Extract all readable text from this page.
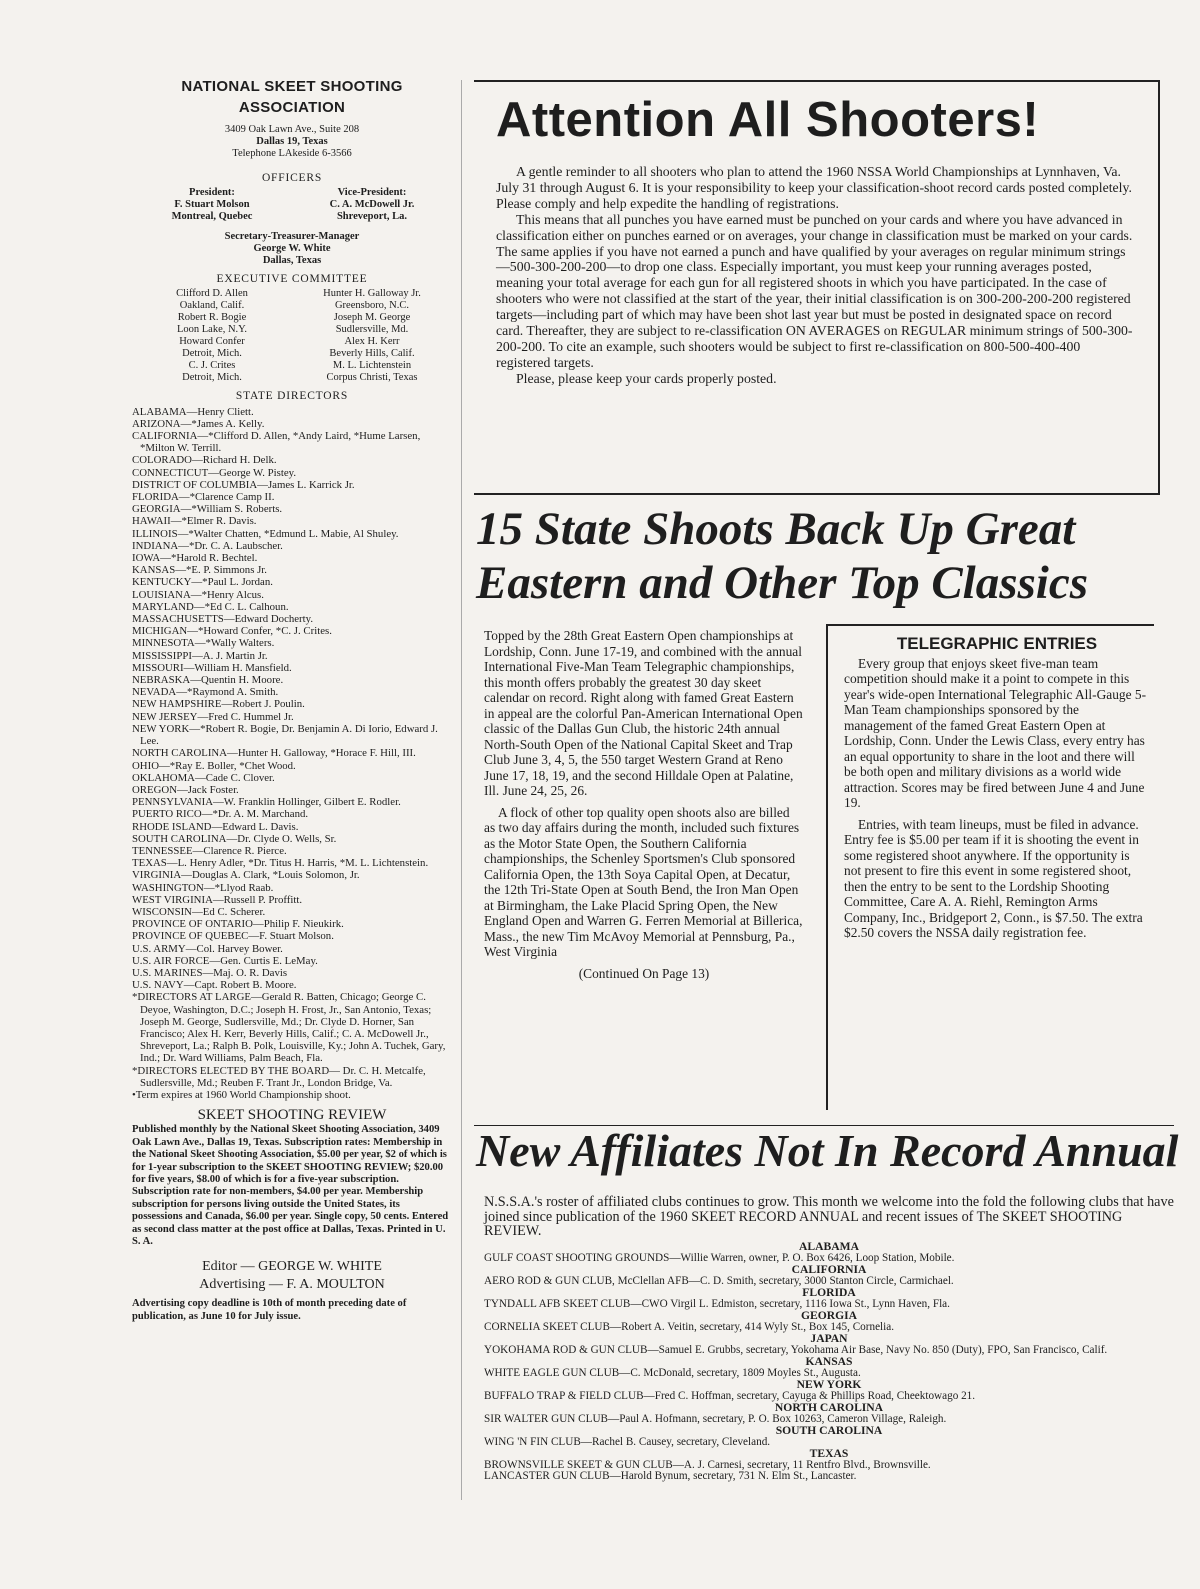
NATIONAL SKEET SHOOTING
ASSOCIATION
3409 Oak Lawn Ave., Suite 208
Dallas 19, Texas
Telephone LAkeside 6-3566
OFFICERS
President:
F. Stuart Molson
Montreal, Quebec
Vice-President:
C. A. McDowell Jr.
Shreveport, La.
Secretary-Treasurer-Manager
George W. White
Dallas, Texas
EXECUTIVE COMMITTEE
Clifford D. Allen
Oakland, Calif.
Robert R. Bogie
Loon Lake, N.Y.
Howard Confer
Detroit, Mich.
C. J. Crites
Detroit, Mich.
Hunter H. Galloway Jr.
Greensboro, N.C.
Joseph M. George
Sudlersville, Md.
Alex H. Kerr
Beverly Hills, Calif.
M. L. Lichtenstein
Corpus Christi, Texas
STATE DIRECTORS
ALABAMA—Henry Cliett.
ARIZONA—*James A. Kelly.
CALIFORNIA—*Clifford D. Allen, *Andy Laird, *Hume Larsen, *Milton W. Terrill.
COLORADO—Richard H. Delk.
CONNECTICUT—George W. Pistey.
DISTRICT OF COLUMBIA—James L. Karrick Jr.
FLORIDA—*Clarence Camp II.
GEORGIA—*William S. Roberts.
HAWAII—*Elmer R. Davis.
ILLINOIS—*Walter Chatten, *Edmund L. Mabie, Al Shuley.
INDIANA—*Dr. C. A. Laubscher.
IOWA—*Harold R. Bechtel.
KANSAS—*E. P. Simmons Jr.
KENTUCKY—*Paul L. Jordan.
LOUISIANA—*Henry Alcus.
MARYLAND—*Ed C. L. Calhoun.
MASSACHUSETTS—Edward Docherty.
MICHIGAN—*Howard Confer, *C. J. Crites.
MINNESOTA—*Wally Walters.
MISSISSIPPI—A. J. Martin Jr.
MISSOURI—William H. Mansfield.
NEBRASKA—Quentin H. Moore.
NEVADA—*Raymond A. Smith.
NEW HAMPSHIRE—Robert J. Poulin.
NEW JERSEY—Fred C. Hummel Jr.
NEW YORK—*Robert R. Bogie, Dr. Benjamin A. Di Iorio, Edward J. Lee.
NORTH CAROLINA—Hunter H. Galloway, *Horace F. Hill, III.
OHIO—*Ray E. Boller, *Chet Wood.
OKLAHOMA—Cade C. Clover.
OREGON—Jack Foster.
PENNSYLVANIA—W. Franklin Hollinger, Gilbert E. Rodler.
PUERTO RICO—*Dr. A. M. Marchand.
RHODE ISLAND—Edward L. Davis.
SOUTH CAROLINA—Dr. Clyde O. Wells, Sr.
TENNESSEE—Clarence R. Pierce.
TEXAS—L. Henry Adler, *Dr. Titus H. Harris, *M. L. Lichtenstein.
VIRGINIA—Douglas A. Clark, *Louis Solomon, Jr.
WASHINGTON—*Llyod Raab.
WEST VIRGINIA—Russell P. Proffitt.
WISCONSIN—Ed C. Scherer.
PROVINCE OF ONTARIO—Philip F. Nieukirk.
PROVINCE OF QUEBEC—F. Stuart Molson.
U.S. ARMY—Col. Harvey Bower.
U.S. AIR FORCE—Gen. Curtis E. LeMay.
U.S. MARINES—Maj. O. R. Davis
U.S. NAVY—Capt. Robert B. Moore.
*DIRECTORS AT LARGE—Gerald R. Batten, Chicago; George C. Deyoe, Washington, D.C.; Joseph H. Frost, Jr., San Antonio, Texas; Joseph M. George, Sudlersville, Md.; Dr. Clyde D. Horner, San Francisco; Alex H. Kerr, Beverly Hills, Calif.; C. A. McDowell Jr., Shreveport, La.; Ralph B. Polk, Louisville, Ky.; John A. Tuchek, Gary, Ind.; Dr. Ward Williams, Palm Beach, Fla.
*DIRECTORS ELECTED BY THE BOARD— Dr. C. H. Metcalfe, Sudlersville, Md.; Reuben F. Trant Jr., London Bridge, Va.
•Term expires at 1960 World Championship shoot.
SKEET SHOOTING REVIEW
Published monthly by the National Skeet Shooting Association, 3409 Oak Lawn Ave., Dallas 19, Texas. Subscription rates: Membership in the National Skeet Shooting Association, $5.00 per year, $2 of which is for 1-year subscription to the SKEET SHOOTING REVIEW; $20.00 for five years, $8.00 of which is for a five-year subscription. Subscription rate for non-members, $4.00 per year. Membership subscription for persons living outside the United States, its possessions and Canada, $6.00 per year. Single copy, 50 cents. Entered as second class matter at the post office at Dallas, Texas. Printed in U. S. A.
Editor — GEORGE W. WHITE
Advertising — F. A. MOULTON
Advertising copy deadline is 10th of month preceding date of publication, as June 10 for July issue.
Attention All Shooters!

A gentle reminder to all shooters who plan to attend the 1960 NSSA World Championships at Lynnhaven, Va. July 31 through August 6. It is your responsibility to keep your classification-shoot record cards posted completely. Please comply and help expedite the handling of registrations.

This means that all punches you have earned must be punched on your cards and where you have advanced in classification either on punches earned or on averages, your change in classification must be marked on your cards. The same applies if you have not earned a punch and have qualified by your averages on regular minimum strings—500-300-200-200—to drop one class. Especially important, you must keep your running averages posted, meaning your total average for each gun for all registered shoots in which you have participated. In the case of shooters who were not classified at the start of the year, their initial classification is on 300-200-200-200 registered targets—including part of which may have been shot last year but must be posted in designated space on record card. Thereafter, they are subject to re-classification ON AVERAGES on REGULAR minimum strings of 500-300-200-200. To cite an example, such shooters would be subject to first re-classification on 800-500-400-400 registered targets.

Please, please keep your cards properly posted.

15 State Shoots Back Up Great
Eastern and Other Top Classics

Topped by the 28th Great Eastern Open championships at Lordship, Conn. June 17-19, and combined with the annual International Five-Man Team Telegraphic championships, this month offers probably the greatest 30 day skeet calendar on record. Right along with famed Great Eastern in appeal are the colorful Pan-American International Open classic of the Dallas Gun Club, the historic 24th annual North-South Open of the National Capital Skeet and Trap Club June 3, 4, 5, the 550 target Western Grand at Reno June 17, 18, 19, and the second Hilldale Open at Palatine, Ill. June 24, 25, 26.

A flock of other top quality open shoots also are billed as two day affairs during the month, included such fixtures as the Motor State Open, the Southern California championships, the Schenley Sportsmen's Club sponsored California Open, the 13th Soya Capital Open, at Decatur, the 12th Tri-State Open at South Bend, the Iron Man Open at Birmingham, the Lake Placid Spring Open, the New England Open and Warren G. Ferren Memorial at Billerica, Mass., the new Tim McAvoy Memorial at Pennsburg, Pa., West Virginia

(Continued On Page 13)
TELEGRAPHIC ENTRIES

Every group that enjoys skeet five-man team competition should make it a point to compete in this year's wide-open International Telegraphic All-Gauge 5-Man Team championships sponsored by the management of the famed Great Eastern Open at Lordship, Conn. Under the Lewis Class, every entry has an equal opportunity to share in the loot and there will be both open and military divisions as a world wide attraction. Scores may be fired between June 4 and June 19.

Entries, with team lineups, must be filed in advance. Entry fee is $5.00 per team if it is shooting the event in some registered shoot anywhere. If the opportunity is not present to fire this event in some registered shoot, then the entry to be sent to the Lordship Shooting Committee, Care A. A. Riehl, Remington Arms Company, Inc., Bridgeport 2, Conn., is $7.50. The extra $2.50 covers the NSSA daily registration fee.

New Affiliates Not In Record Annual
N.S.S.A.'s roster of affiliated clubs continues to grow. This month we welcome into the fold the following clubs that have joined since publication of the 1960 SKEET RECORD ANNUAL and recent issues of The SKEET SHOOTING REVIEW.
ALABAMA
GULF COAST SHOOTING GROUNDS—Willie Warren, owner, P. O. Box 6426, Loop Station, Mobile.
CALIFORNIA
AERO ROD & GUN CLUB, McClellan AFB—C. D. Smith, secretary, 3000 Stanton Circle, Carmichael.
FLORIDA
TYNDALL AFB SKEET CLUB—CWO Virgil L. Edmiston, secretary, 1116 Iowa St., Lynn Haven, Fla.
GEORGIA
CORNELIA SKEET CLUB—Robert A. Veitin, secretary, 414 Wyly St., Box 145, Cornelia.
JAPAN
YOKOHAMA ROD & GUN CLUB—Samuel E. Grubbs, secretary, Yokohama Air Base, Navy No. 850 (Duty), FPO, San Francisco, Calif.
KANSAS
WHITE EAGLE GUN CLUB—C. McDonald, secretary, 1809 Moyles St., Augusta.
NEW YORK
BUFFALO TRAP & FIELD CLUB—Fred C. Hoffman, secretary, Cayuga & Phillips Road, Cheektowago 21.
NORTH CAROLINA
SIR WALTER GUN CLUB—Paul A. Hofmann, secretary, P. O. Box 10263, Cameron Village, Raleigh.
SOUTH CAROLINA
WING 'N FIN CLUB—Rachel B. Causey, secretary, Cleveland.
TEXAS
BROWNSVILLE SKEET & GUN CLUB—A. J. Carnesi, secretary, 11 Rentfro Blvd., Brownsville.
LANCASTER GUN CLUB—Harold Bynum, secretary, 731 N. Elm St., Lancaster.
